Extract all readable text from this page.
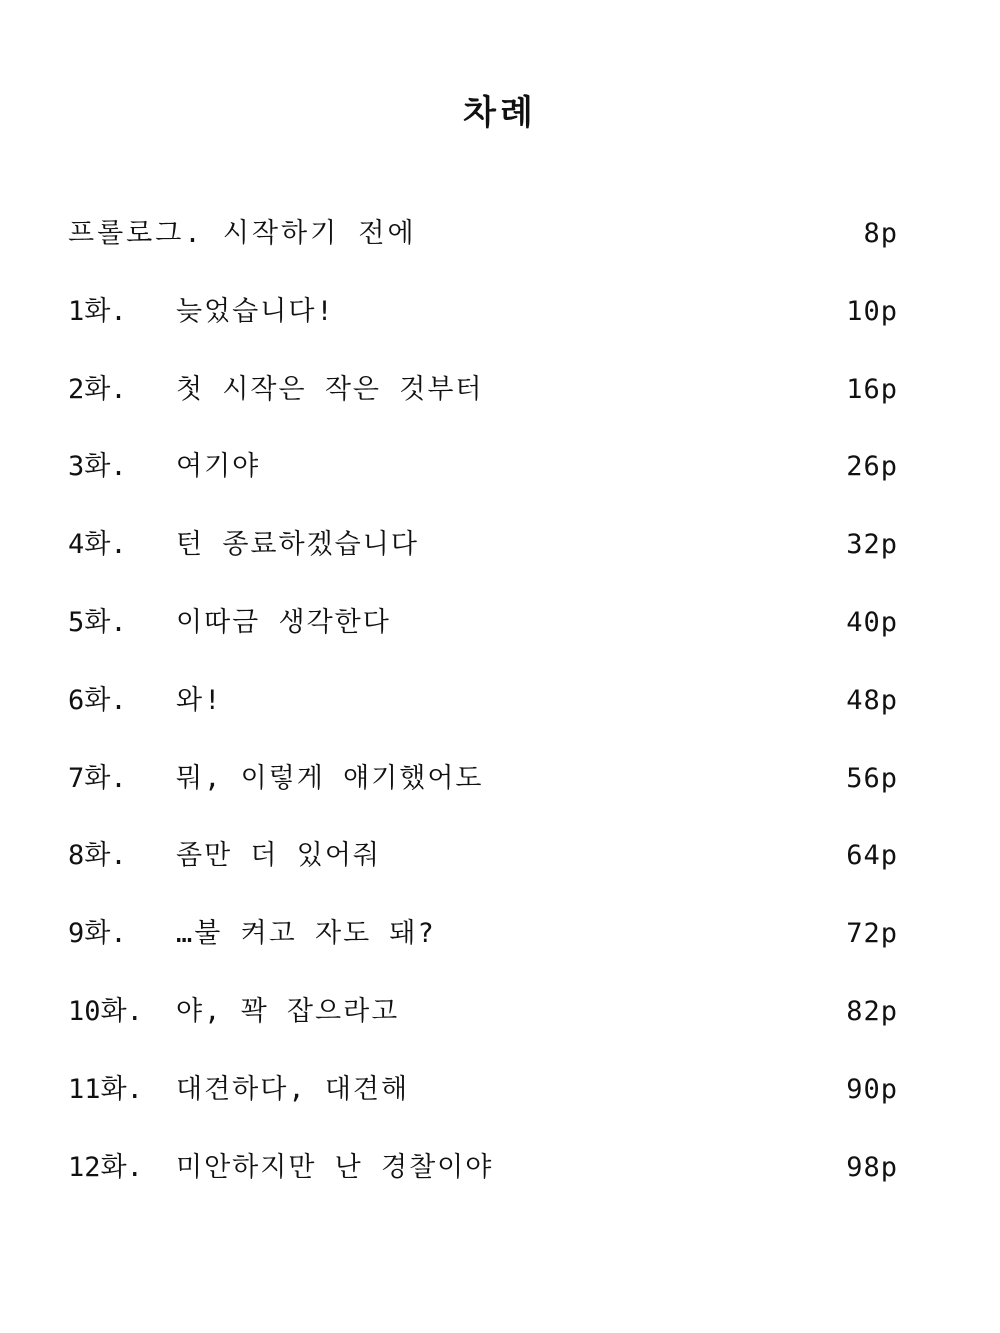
차례
프롤로그. 시작하기 전에	8p
1화.	늦었습니다!	10p
2화.	첫 시작은 작은 것부터	16p
3화.	여기야	26p
4화.	턴 종료하겠습니다	32p
5화.	이따금 생각한다	40p
6화.	와!	48p
7화.	뭐, 이렇게 얘기했어도	56p
8화.	좀만 더 있어줘	64p
9화.	…불 켜고 자도 돼?	72p
10화.	야, 꽉 잡으라고	82p
11화.	대견하다, 대견해	90p
12화.	미안하지만 난 경찰이야	98p
